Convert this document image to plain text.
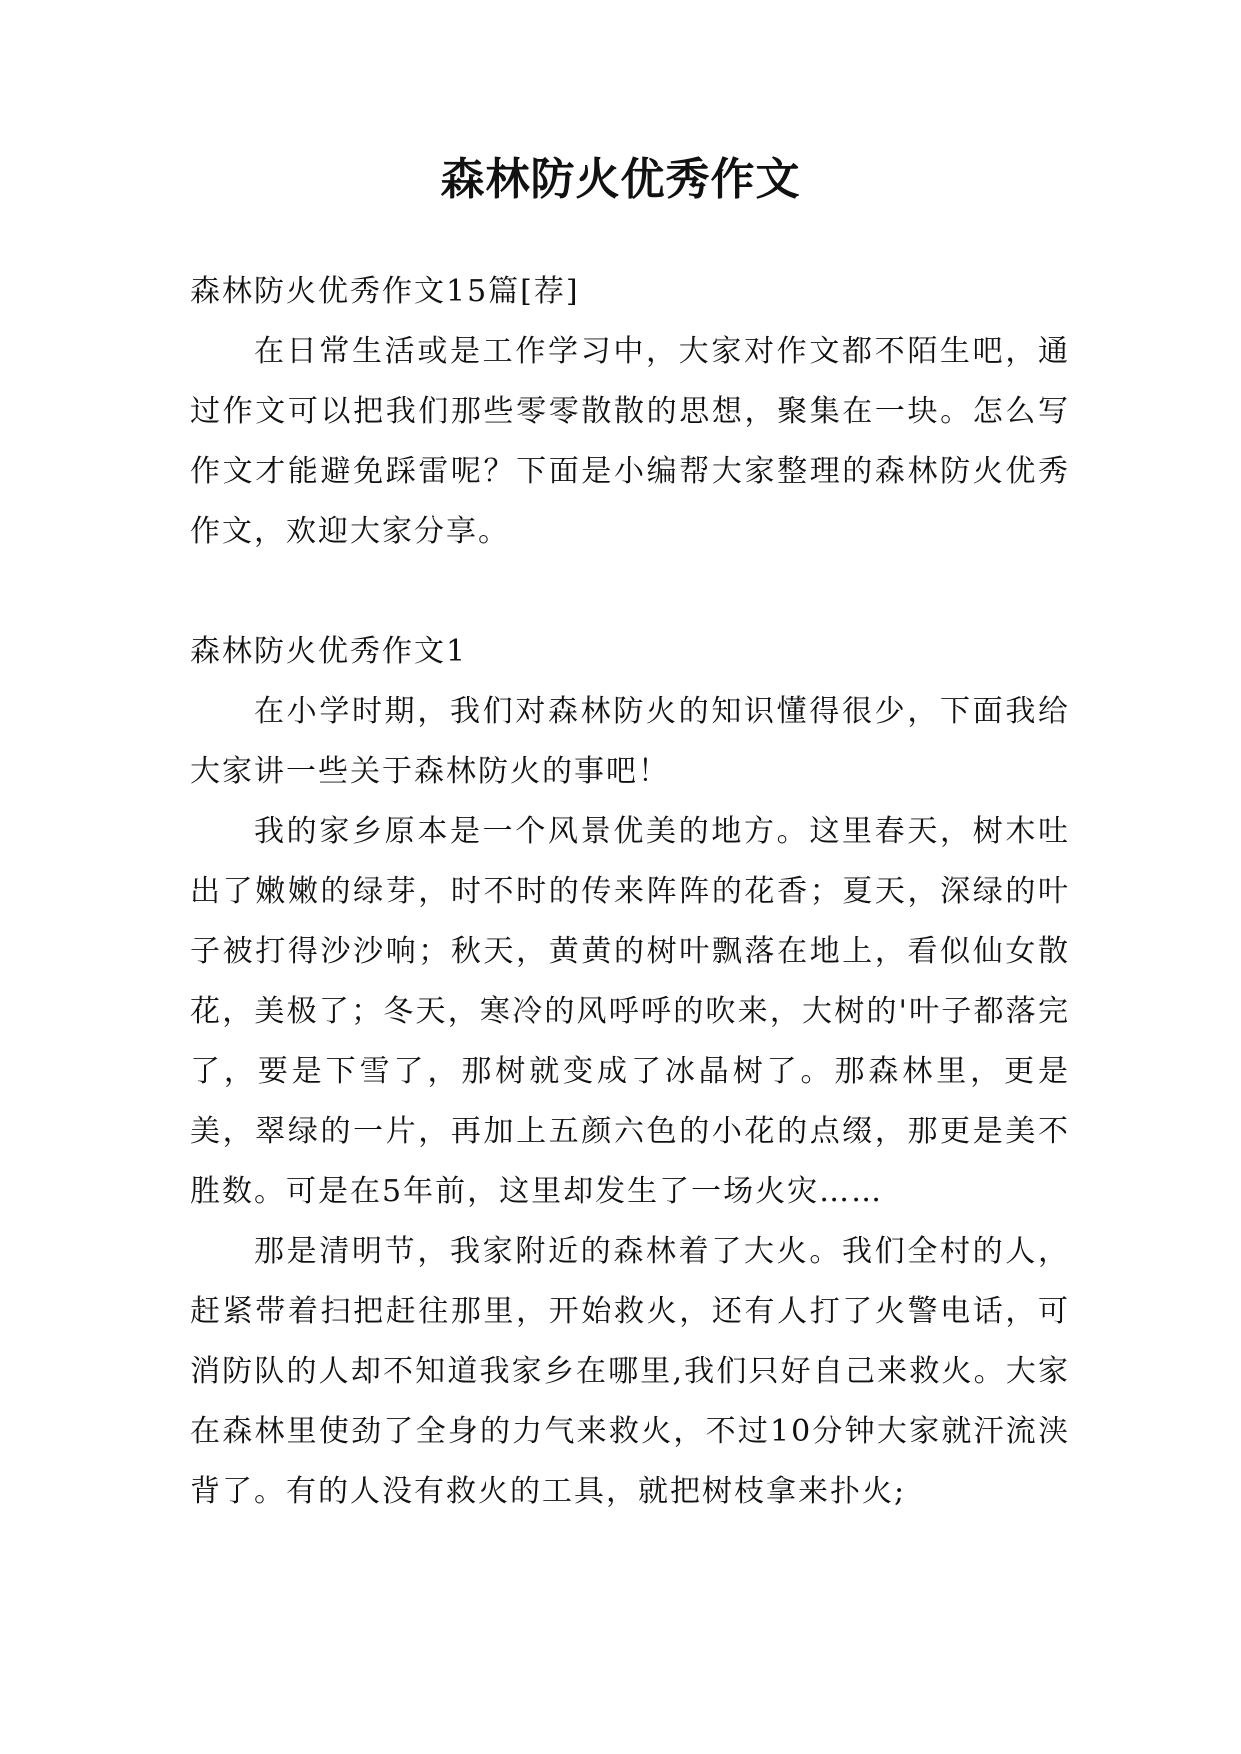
森林防火优秀作文

森林防火优秀作文15篇[荐]

在日常生活或是工作学习中，大家对作文都不陌生吧，通过作文可以把我们那些零零散散的思想，聚集在一块。怎么写作文才能避免踩雷呢？下面是小编帮大家整理的森林防火优秀作文，欢迎大家分享。

森林防火优秀作文1

在小学时期，我们对森林防火的知识懂得很少，下面我给大家讲一些关于森林防火的事吧！

我的家乡原本是一个风景优美的地方。这里春天，树木吐出了嫩嫩的绿芽，时不时的传来阵阵的花香；夏天，深绿的叶子被打得沙沙响；秋天，黄黄的树叶飘落在地上，看似仙女散花，美极了；冬天，寒冷的风呼呼的吹来，大树的'叶子都落完了，要是下雪了，那树就变成了冰晶树了。那森林里，更是美，翠绿的一片，再加上五颜六色的小花的点缀，那更是美不胜数。可是在5年前，这里却发生了一场火灾……

那是清明节，我家附近的森林着了大火。我们全村的人，赶紧带着扫把赶往那里，开始救火，还有人打了火警电话，可消防队的人却不知道我家乡在哪里,我们只好自己来救火。大家在森林里使劲了全身的力气来救火，不过10分钟大家就汗流浃背了。有的人没有救火的工具，就把树枝拿来扑火;
